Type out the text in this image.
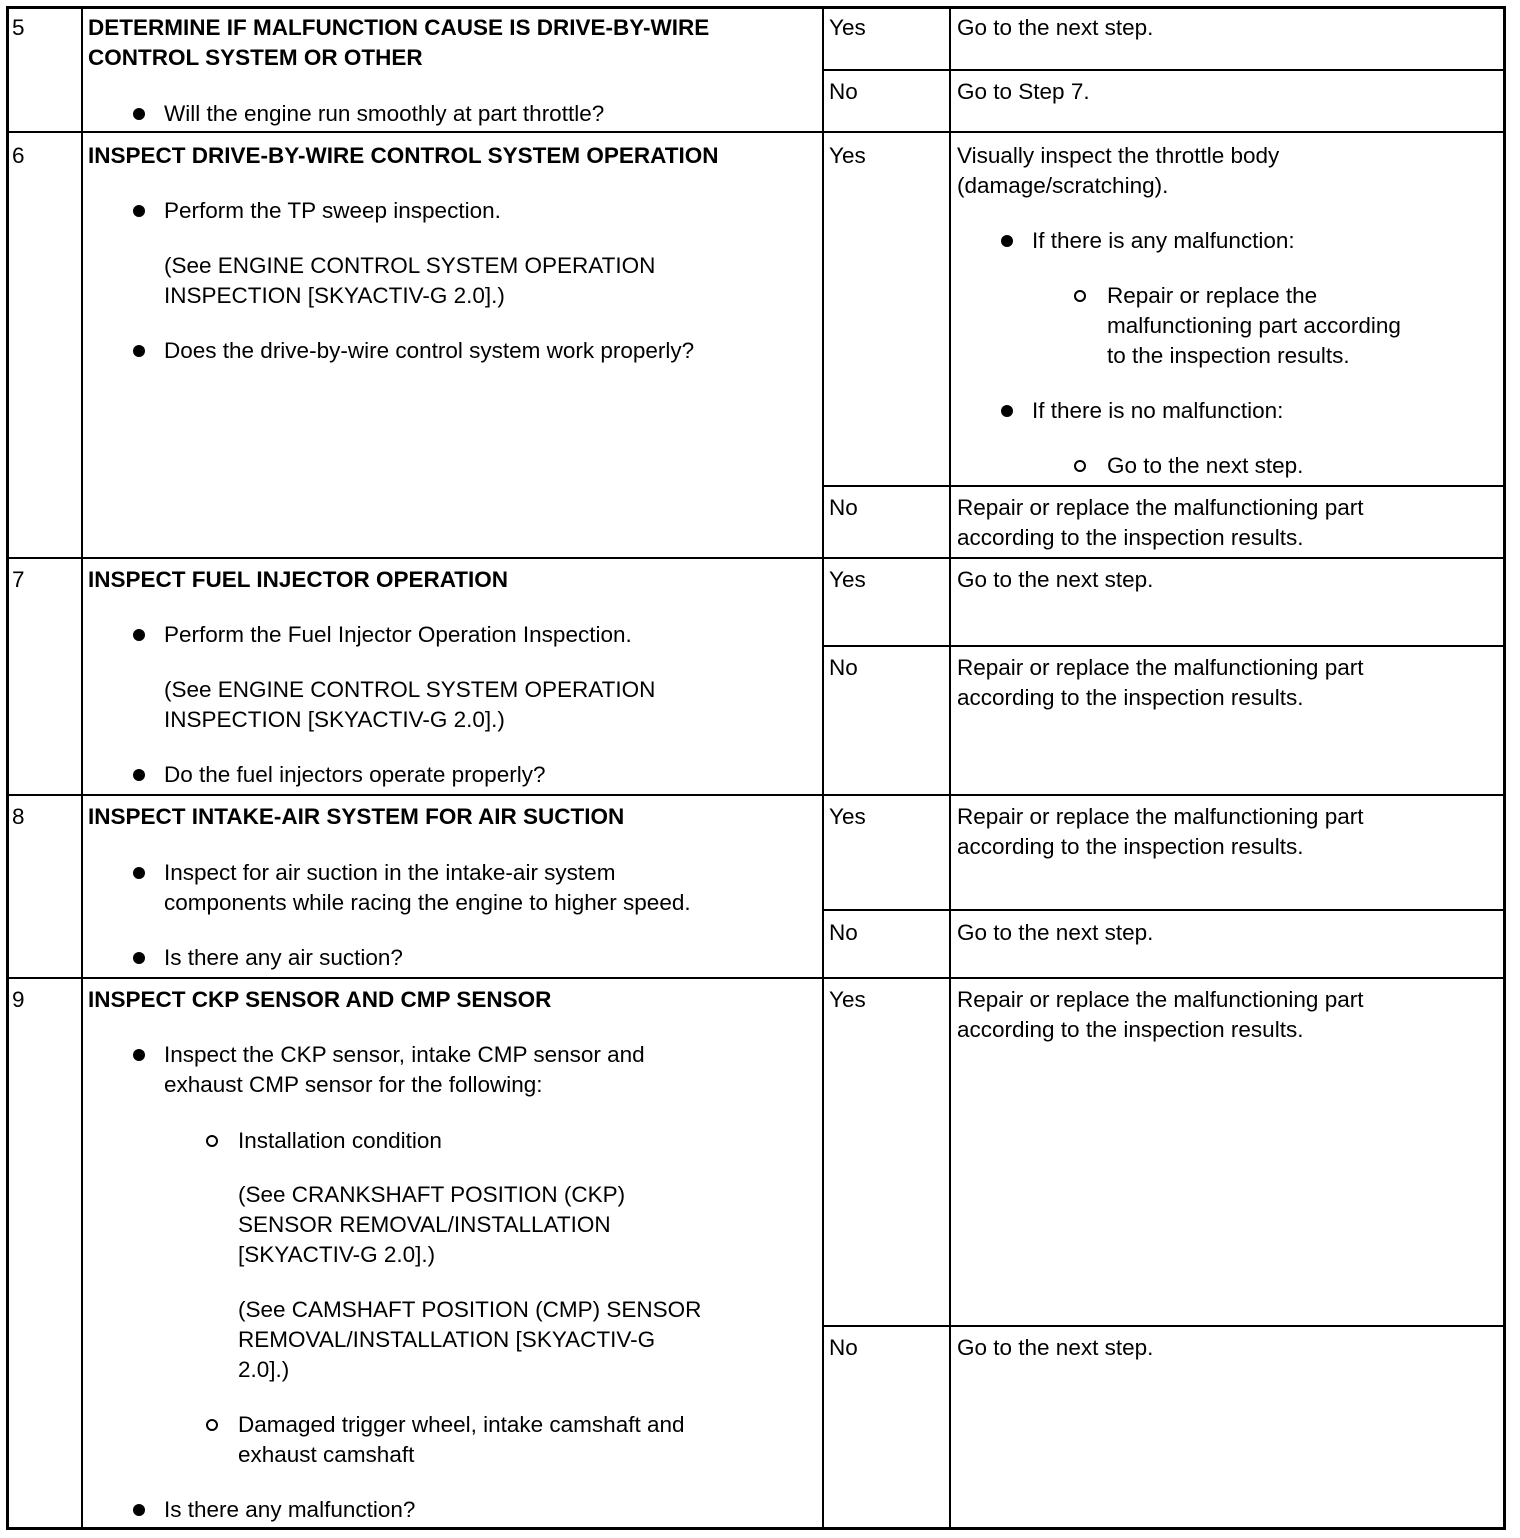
5	DETERMINE IF MALFUNCTION CAUSE IS DRIVE-BY-WIRE
CONTROL SYSTEM OR OTHER
Will the engine run smoothly at part throttle?
Yes	Go to the next step.
No	Go to Step 7.
6	INSPECT DRIVE-BY-WIRE CONTROL SYSTEM OPERATION
Perform the TP sweep inspection.
(See ENGINE CONTROL SYSTEM OPERATION
INSPECTION [SKYACTIV-G 2.0].)
Does the drive-by-wire control system work properly?
Yes	Visually inspect the throttle body
(damage/scratching).
If there is any malfunction:
Repair or replace the
malfunctioning part according
to the inspection results.
If there is no malfunction:
Go to the next step.
No	Repair or replace the malfunctioning part
according to the inspection results.
7	INSPECT FUEL INJECTOR OPERATION
Perform the Fuel Injector Operation Inspection.
(See ENGINE CONTROL SYSTEM OPERATION
INSPECTION [SKYACTIV-G 2.0].)
Do the fuel injectors operate properly?
Yes	Go to the next step.
No	Repair or replace the malfunctioning part
according to the inspection results.
8	INSPECT INTAKE-AIR SYSTEM FOR AIR SUCTION
Inspect for air suction in the intake-air system
components while racing the engine to higher speed.
Is there any air suction?
Yes	Repair or replace the malfunctioning part
according to the inspection results.
No	Go to the next step.
9	INSPECT CKP SENSOR AND CMP SENSOR
Inspect the CKP sensor, intake CMP sensor and
exhaust CMP sensor for the following:
Installation condition
(See CRANKSHAFT POSITION (CKP)
SENSOR REMOVAL/INSTALLATION
[SKYACTIV-G 2.0].)
(See CAMSHAFT POSITION (CMP) SENSOR
REMOVAL/INSTALLATION [SKYACTIV-G
2.0].)
Damaged trigger wheel, intake camshaft and
exhaust camshaft
Is there any malfunction?
Yes	Repair or replace the malfunctioning part
according to the inspection results.
No	Go to the next step.
